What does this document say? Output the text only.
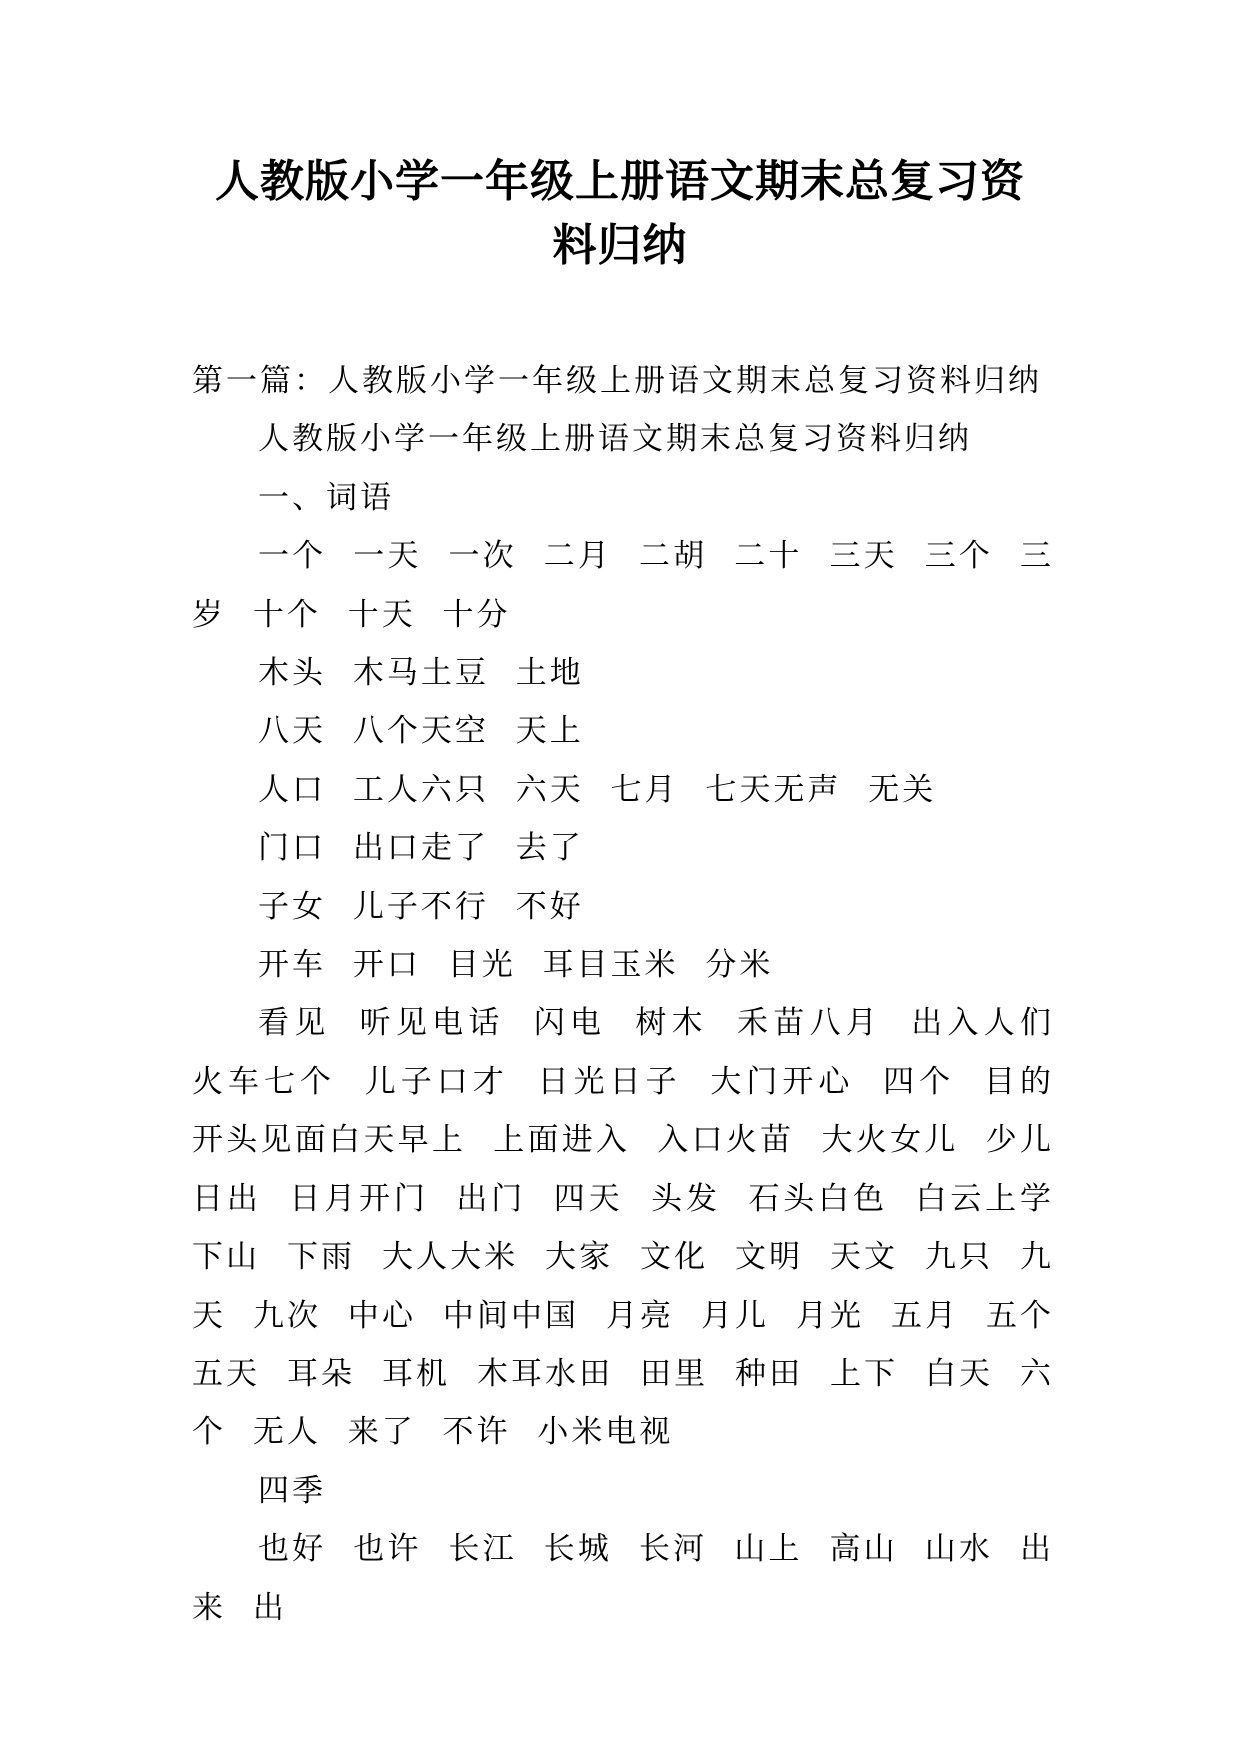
人教版小学一年级上册语文期末总复习资
料归纳

第一篇：人教版小学一年级上册语文期末总复习资料归纳

人教版小学一年级上册语文期末总复习资料归纳

一、词语

一个 一天 一次 二月 二胡 二十 三天 三个 三岁 十个 十天 十分

木头 木马土豆 土地

八天 八个天空 天上

人口 工人六只 六天 七月 七天无声 无关

门口 出口走了 去了

子女 儿子不行 不好

开车 开口 目光 耳目玉米 分米

看见 听见电话 闪电 树木 禾苗八月 出入人们 火车七个 儿子口才 日光日子 大门开心 四个 目的 开头见面白天早上 上面进入 入口火苗 大火女儿 少儿日出 日月开门 出门 四天 头发 石头白色 白云上学 下山 下雨 大人大米 大家 文化 文明 天文 九只 九天 九次 中心 中间中国 月亮 月儿 月光 五月 五个 五天 耳朵 耳机 木耳水田 田里 种田 上下 白天 六个 无人 来了 不许 小米电视

四季

也好 也许 长江 长城 长河 山上 高山 山水 出来 出
